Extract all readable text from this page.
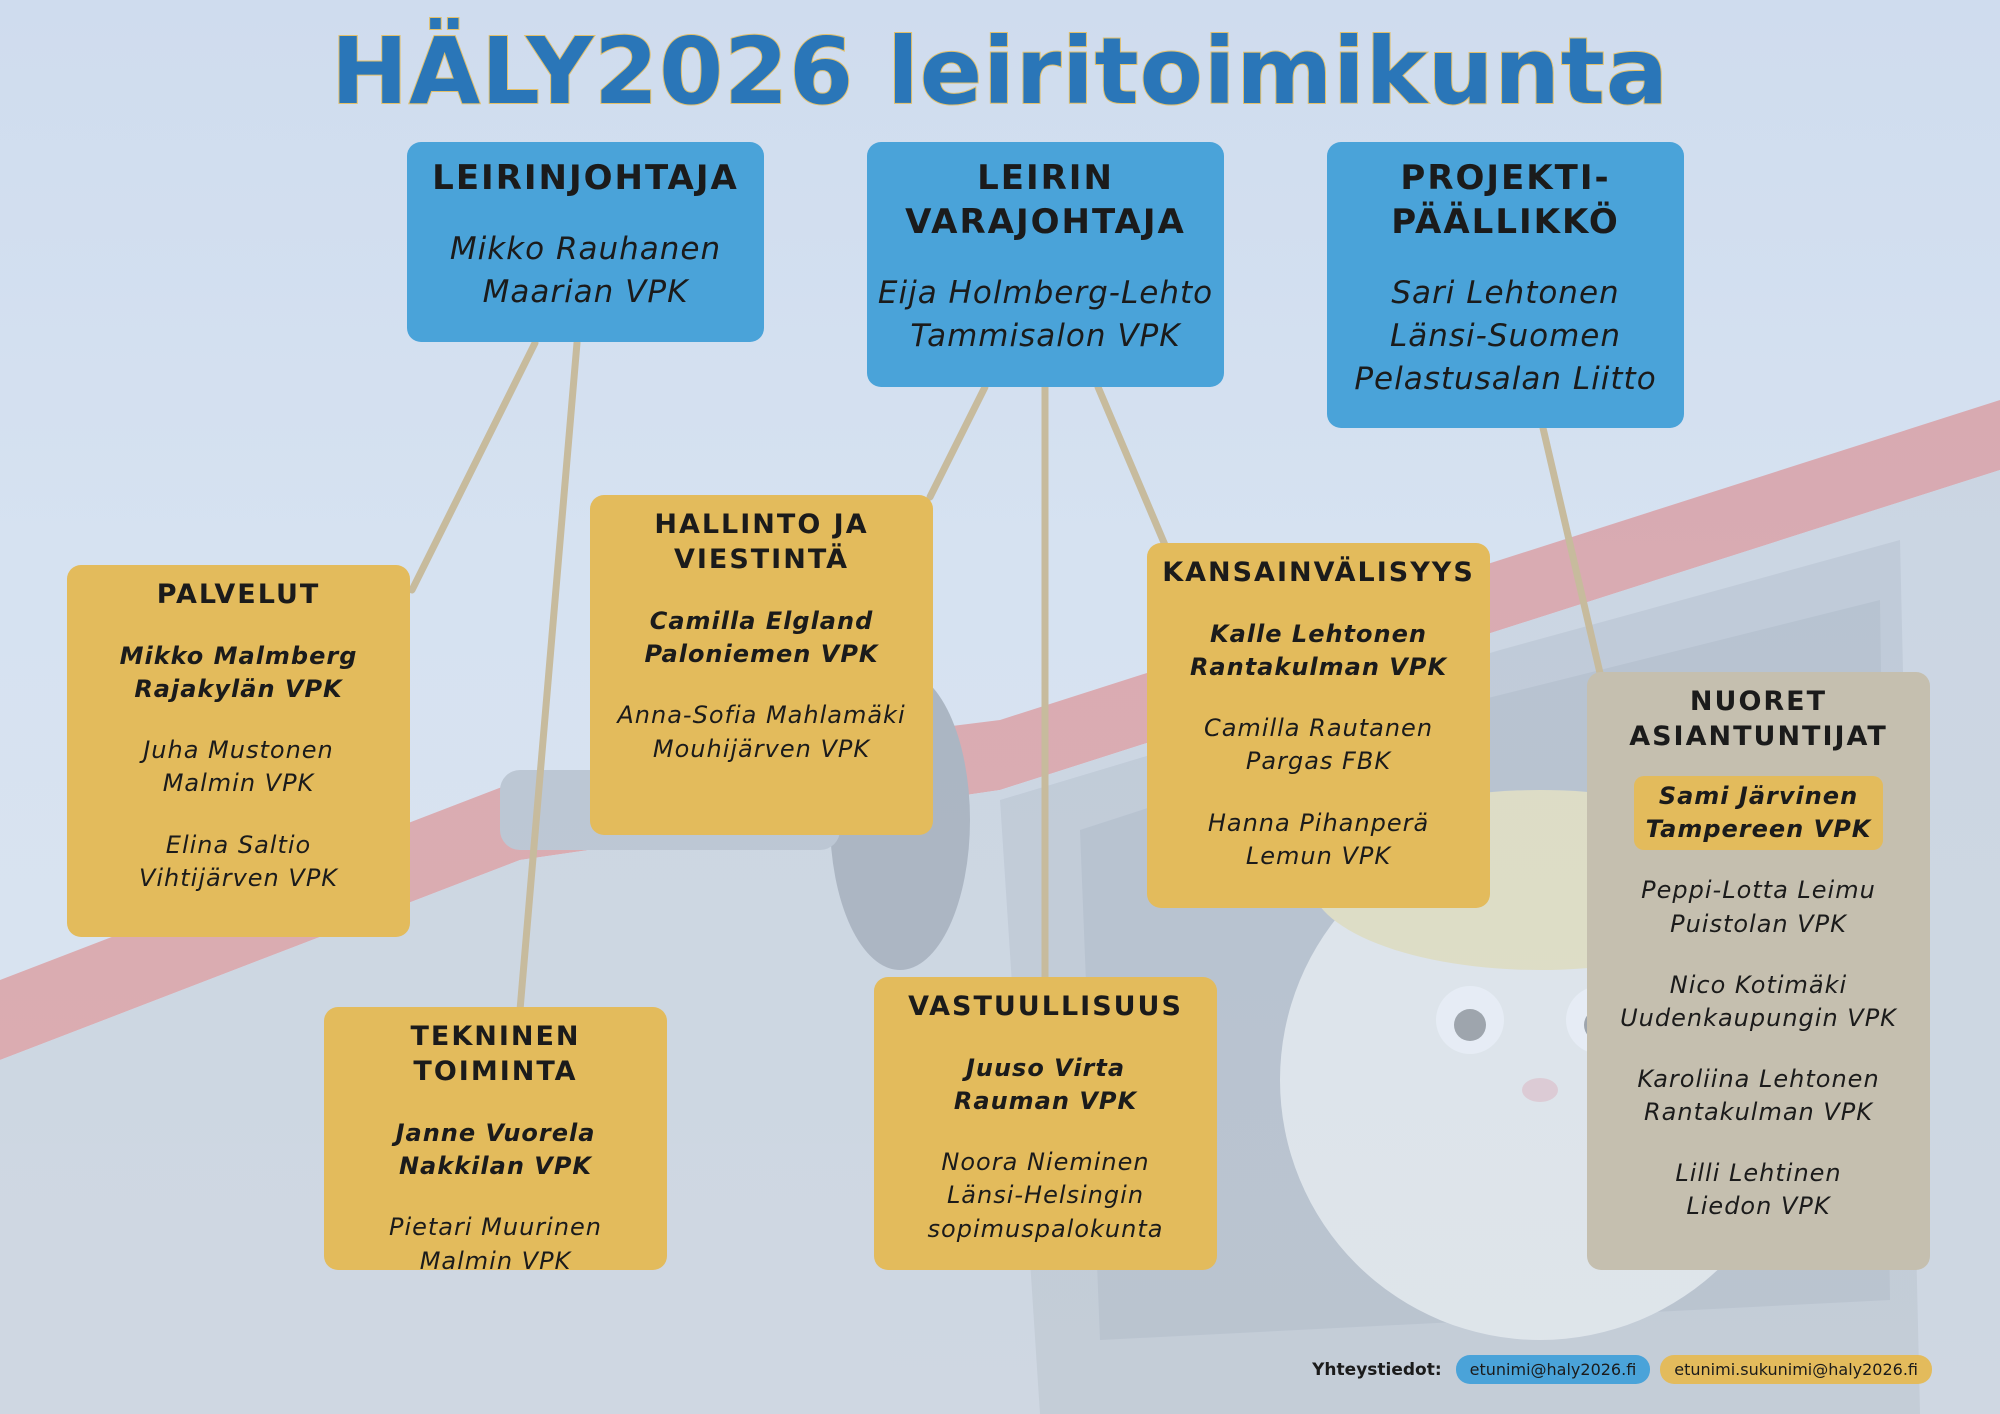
HÄLY2026 leiritoimikunta
LEIRINJOHTAJA
Mikko Rauhanen
Maarian VPK
LEIRIN
VARAJOHTAJA
Eija Holmberg-Lehto
Tammisalon VPK
PROJEKTI-
PÄÄLLIKKÖ
Sari Lehtonen
Länsi-Suomen
Pelastusalan Liitto
PALVELUT
Mikko Malmberg
Rajakylän VPK
Juha Mustonen
Malmin VPK
Elina Saltio
Vihtijärven VPK
HALLINTO JA
VIESTINTÄ
Camilla Elgland
Paloniemen VPK
Anna-Sofia Mahlamäki
Mouhijärven VPK
KANSAINVÄLISYYS
Kalle Lehtonen
Rantakulman VPK
Camilla Rautanen
Pargas FBK
Hanna Pihanperä
Lemun VPK
TEKNINEN TOIMINTA
Janne Vuorela
Nakkilan VPK
Pietari Muurinen
Malmin VPK
VASTUULLISUUS
Juuso Virta
Rauman VPK
Noora Nieminen
Länsi-Helsingin
sopimuspalokunta
NUORET
ASIANTUNTIJAT
Sami Järvinen
Tampereen VPK
Peppi-Lotta Leimu
Puistolan VPK
Nico Kotimäki
Uudenkaupungin VPK
Karoliina Lehtonen
Rantakulman VPK
Lilli Lehtinen
Liedon VPK
Yhteystiedot:	etunimi@haly2026.fi	etunimi.sukunimi@haly2026.fi
